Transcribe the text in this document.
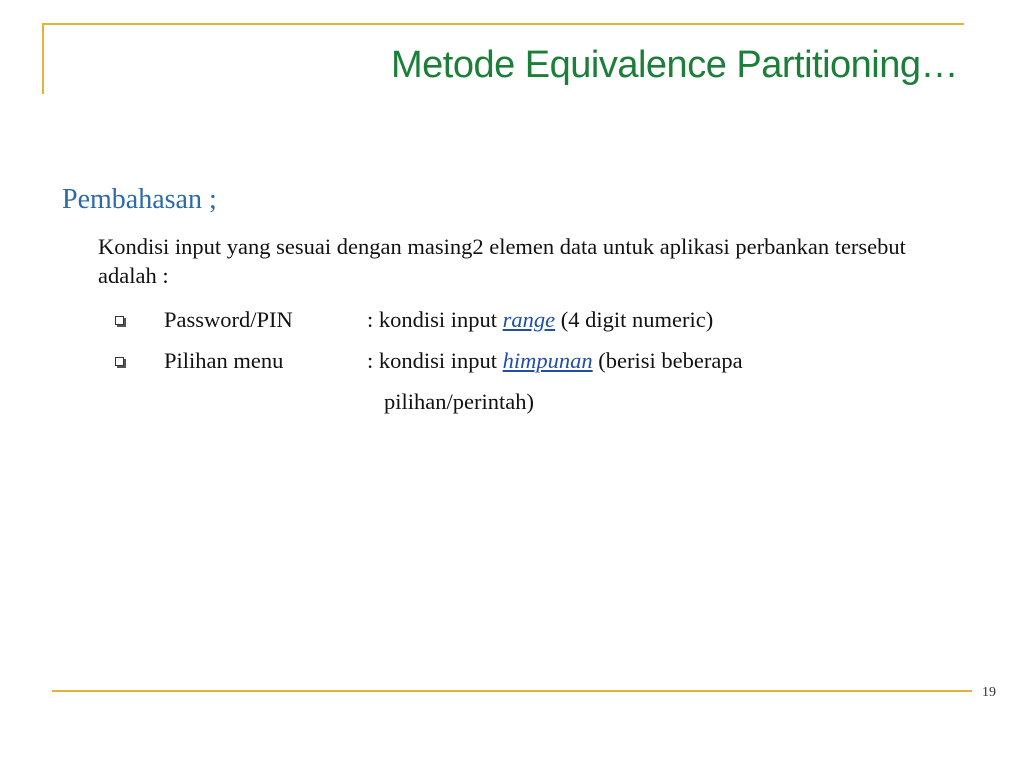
Metode Equivalence Partitioning…
Pembahasan ;
Kondisi input yang sesuai dengan masing2 elemen data untuk aplikasi perbankan tersebut adalah :
Password/PIN	: kondisi input range (4 digit numeric)
Pilihan menu	: kondisi input himpunan (berisi beberapa
pilihan/perintah)
19
